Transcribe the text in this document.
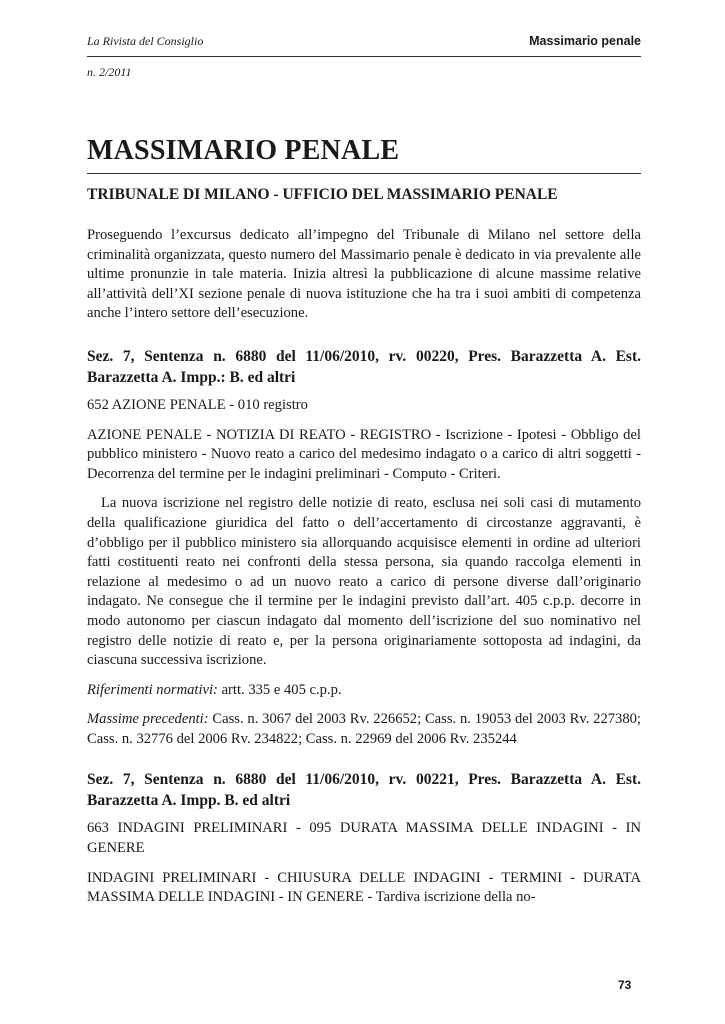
La Rivista del Consiglio	Massimario penale
n. 2/2011
MASSIMARIO PENALE
TRIBUNALE DI MILANO - UFFICIO DEL MASSIMARIO PENALE

Proseguendo l’excursus dedicato all’impegno del Tribunale di Milano nel settore della criminalità organizzata, questo numero del Massimario penale è dedicato in via prevalente alle ultime pronunzie in tale materia. Inizia altresì la pubblicazione di alcune massime relative all’attività dell’XI sezione penale di nuova istituzione che ha tra i suoi ambiti di competenza anche l’intero settore dell’esecuzione.

Sez. 7, Sentenza n. 6880 del 11/06/2010, rv. 00220, Pres. Barazzetta A. Est. Barazzetta A. Impp.: B. ed altri

652 AZIONE PENALE - 010 registro

AZIONE PENALE - NOTIZIA DI REATO - REGISTRO - Iscrizione - Ipotesi - Obbligo del pubblico ministero - Nuovo reato a carico del medesimo indagato o a carico di altri soggetti - Decorrenza del termine per le indagini preliminari - Computo - Criteri.

La nuova iscrizione nel registro delle notizie di reato, esclusa nei soli casi di mutamento della qualificazione giuridica del fatto o dell’accertamento di circostanze aggravanti, è d’obbligo per il pubblico ministero sia allorquando acquisisce elementi in ordine ad ulteriori fatti costituenti reato nei confronti della stessa persona, sia quando raccolga elementi in relazione al medesimo o ad un nuovo reato a carico di persone diverse dall’originario indagato. Ne consegue che il termine per le indagini previsto dall’art. 405 c.p.p. decorre in modo autonomo per ciascun indagato dal momento dell’iscrizione del suo nominativo nel registro delle notizie di reato e, per la persona originariamente sottoposta ad indagini, da ciascuna successiva iscrizione.

Riferimenti normativi: artt. 335 e 405 c.p.p.

Massime precedenti: Cass. n. 3067 del 2003 Rv. 226652; Cass. n. 19053 del 2003 Rv. 227380; Cass. n. 32776 del 2006 Rv. 234822; Cass. n. 22969 del 2006 Rv. 235244

Sez. 7, Sentenza n. 6880 del 11/06/2010, rv. 00221, Pres. Barazzetta A. Est. Barazzetta A. Impp. B. ed altri

663 INDAGINI PRELIMINARI - 095 DURATA MASSIMA DELLE INDAGINI - IN GENERE

INDAGINI PRELIMINARI - CHIUSURA DELLE INDAGINI - TERMINI - DURATA MASSIMA DELLE INDAGINI - IN GENERE - Tardiva iscrizione della no-

73
